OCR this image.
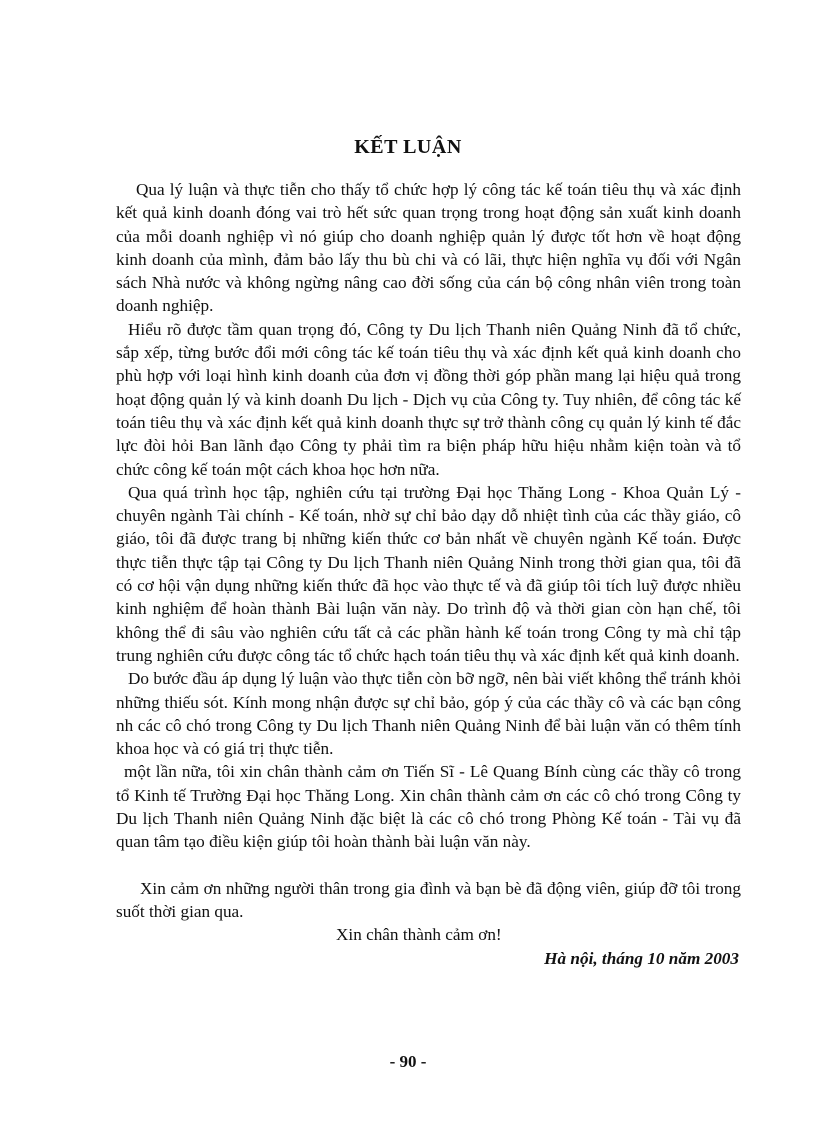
KẾT LUẬN

Qua lý luận và thực tiễn cho thấy tổ chức hợp lý công tác kế toán tiêu thụ và xác định kết quả kinh doanh đóng vai trò hết sức quan trọng trong hoạt động sản xuất kinh doanh của mỗi doanh nghiệp vì nó giúp cho doanh nghiệp quản lý được tốt hơn về hoạt động kinh doanh của mình, đảm bảo lấy thu bù chi và có lãi, thực hiện nghĩa vụ đối với Ngân sách Nhà nước và không ngừng nâng cao đời sống của cán bộ công nhân viên trong toàn doanh nghiệp.

Hiểu rõ được tầm quan trọng đó, Công ty Du lịch Thanh niên Quảng Ninh đã tổ chức, sắp xếp, từng bước đổi mới công tác kế toán tiêu thụ và xác định kết quả kinh doanh cho phù hợp với loại hình kinh doanh của đơn vị đồng thời góp phần mang lại hiệu quả trong hoạt động quản lý và kinh doanh Du lịch - Dịch vụ của Công ty. Tuy nhiên, để công tác kế toán tiêu thụ và xác định kết quả kinh doanh thực sự trở thành công cụ quản lý kinh tế đắc lực đòi hỏi Ban lãnh đạo Công ty phải tìm ra biện pháp hữu hiệu nhằm kiện toàn và tổ chức công kế toán một cách khoa học hơn nữa.

Qua quá trình học tập, nghiên cứu tại trường Đại học Thăng Long - Khoa Quản Lý - chuyên ngành Tài chính - Kế toán, nhờ sự chỉ bảo dạy dỗ nhiệt tình của các thầy giáo, cô giáo, tôi đã được trang bị những kiến thức cơ bản nhất về chuyên ngành Kế toán. Được thực tiễn thực tập tại Công ty Du lịch Thanh niên Quảng Ninh trong thời gian qua, tôi đã có cơ hội vận dụng những kiến thức đã học vào thực tế và đã giúp tôi tích luỹ được nhiều kinh nghiệm để hoàn thành Bài luận văn này. Do trình độ và thời gian còn hạn chế, tôi không thể đi sâu vào nghiên cứu tất cả các phần hành kế toán trong Công ty mà chỉ tập trung nghiên cứu được công tác tổ chức hạch toán tiêu thụ và xác định kết quả kinh doanh.

Do bước đầu áp dụng lý luận vào thực tiễn còn bỡ ngỡ, nên bài viết không thể tránh khỏi những thiếu sót. Kính mong nhận được sự chỉ bảo, góp ý của các thầy cô và các bạn công nh các cô chó trong Công ty Du lịch Thanh niên Quảng Ninh để bài luận văn có thêm tính khoa học và có giá trị thực tiễn.

một lần nữa, tôi xin chân thành cảm ơn Tiến Sĩ - Lê Quang Bính cùng các thầy cô trong tổ Kinh tế Trường Đại học Thăng Long. Xin chân thành cảm ơn các cô chó trong Công ty Du lịch Thanh niên Quảng Ninh đặc biệt là các cô chó trong Phòng Kế toán - Tài vụ đã quan tâm tạo điều kiện giúp tôi hoàn thành bài luận văn này.

Xin cảm ơn những người thân trong gia đình và bạn bè đã động viên, giúp đỡ tôi trong suốt thời gian qua.

Xin chân thành cảm ơn!

Hà nội, tháng 10 năm 2003

- 90 -
